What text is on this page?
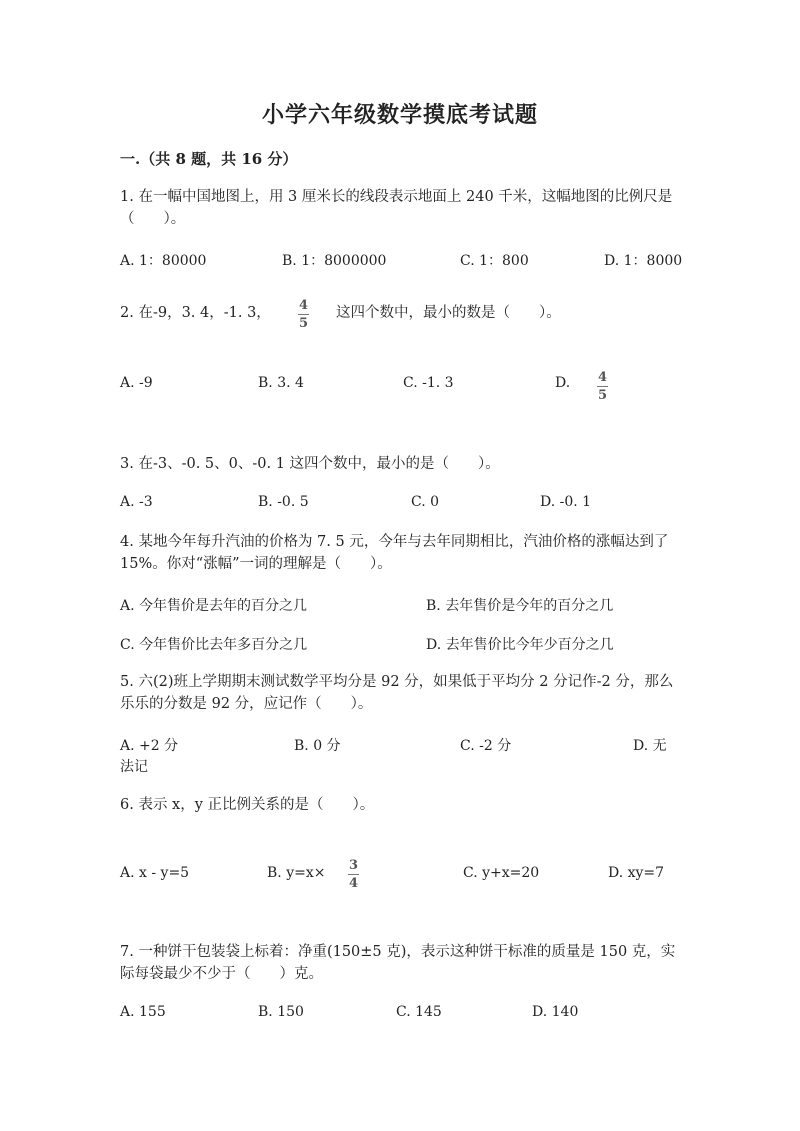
小学六年级数学摸底考试题
一.（共 8 题，共 16 分）
1. 在一幅中国地图上，用 3 厘米长的线段表示地面上 240 千米，这幅地图的比例尺是（　　）。
A. 1：80000	B. 1：8000000	C. 1：800	D. 1：8000
2. 在-9，3. 4，-1. 3， 4
5
这四个数中，最小的数是（　　）。
A. -9	B. 3. 4	C. -1. 3	D. 4
5
3. 在-3、-0. 5、0、-0. 1 这四个数中，最小的是（　　）。
A. -3	B. -0. 5	C. 0	D. -0. 1
4. 某地今年每升汽油的价格为 7. 5 元，今年与去年同期相比，汽油价格的涨幅达到了 15%。你对“涨幅”一词的理解是（　　）。
A. 今年售价是去年的百分之几	B. 去年售价是今年的百分之几
C. 今年售价比去年多百分之几	D. 去年售价比今年少百分之几
5. 六(2)班上学期期末测试数学平均分是 92 分，如果低于平均分 2 分记作-2 分，那么乐乐的分数是 92 分，应记作（　　）。
A. +2 分	B. 0 分	C. -2 分	D. 无
法记
6. 表示 x，y 正比例关系的是（　　）。
A. x - y=5	B. y=x× 3
4
C. y+x=20	D. xy=7
7. 一种饼干包装袋上标着：净重(150±5 克)，表示这种饼干标准的质量是 150 克，实际每袋最少不少于（　　）克。
A. 155	B. 150	C. 145	D. 140
